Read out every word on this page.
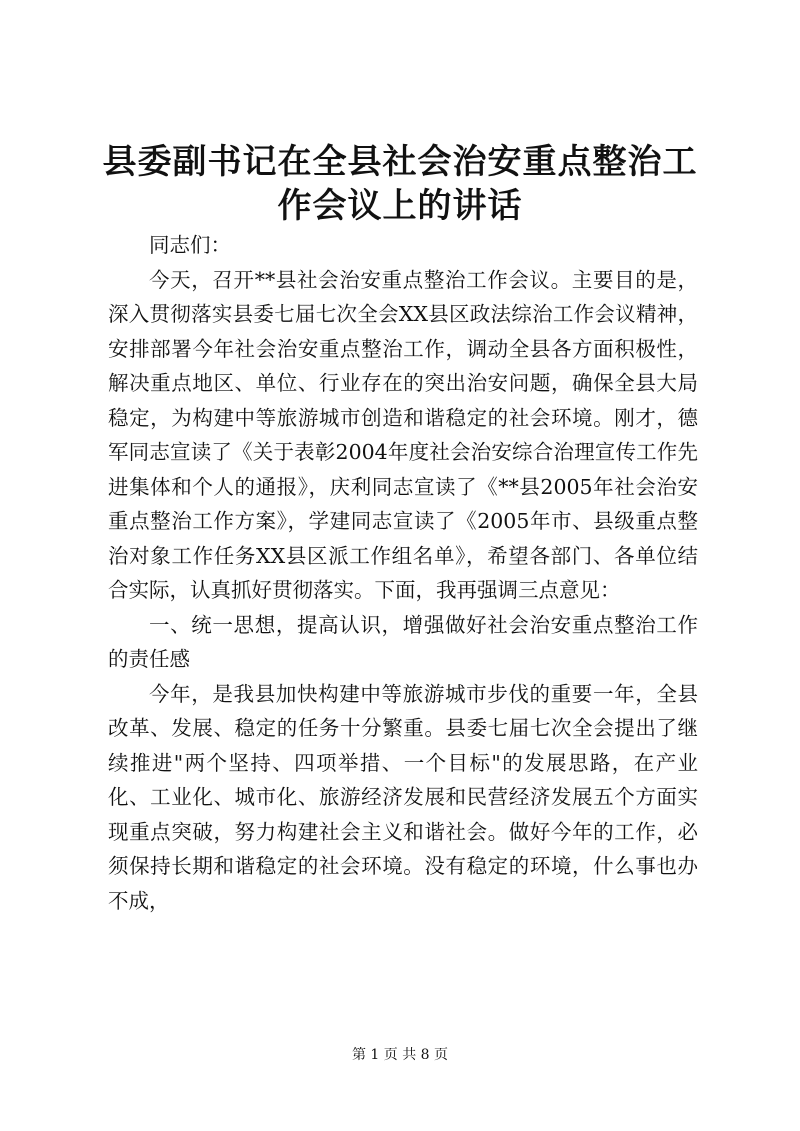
县委副书记在全县社会治安重点整治工作会议上的讲话

同志们：

今天，召开**县社会治安重点整治工作会议。主要目的是，深入贯彻落实县委七届七次全会XX县区政法综治工作会议精神，安排部署今年社会治安重点整治工作，调动全县各方面积极性，解决重点地区、单位、行业存在的突出治安问题，确保全县大局稳定，为构建中等旅游城市创造和谐稳定的社会环境。刚才，德军同志宣读了《关于表彰2004年度社会治安综合治理宣传工作先进集体和个人的通报》，庆利同志宣读了《**县2005年社会治安重点整治工作方案》，学建同志宣读了《2005年市、县级重点整治对象工作任务XX县区派工作组名单》，希望各部门、各单位结合实际，认真抓好贯彻落实。下面，我再强调三点意见：

一、统一思想，提高认识，增强做好社会治安重点整治工作的责任感

今年，是我县加快构建中等旅游城市步伐的重要一年，全县改革、发展、稳定的任务十分繁重。县委七届七次全会提出了继续推进"两个坚持、四项举措、一个目标"的发展思路，在产业化、工业化、城市化、旅游经济发展和民营经济发展五个方面实现重点突破，努力构建社会主义和谐社会。做好今年的工作，必须保持长期和谐稳定的社会环境。没有稳定的环境，什么事也办不成，

第 1 页 共 8 页
